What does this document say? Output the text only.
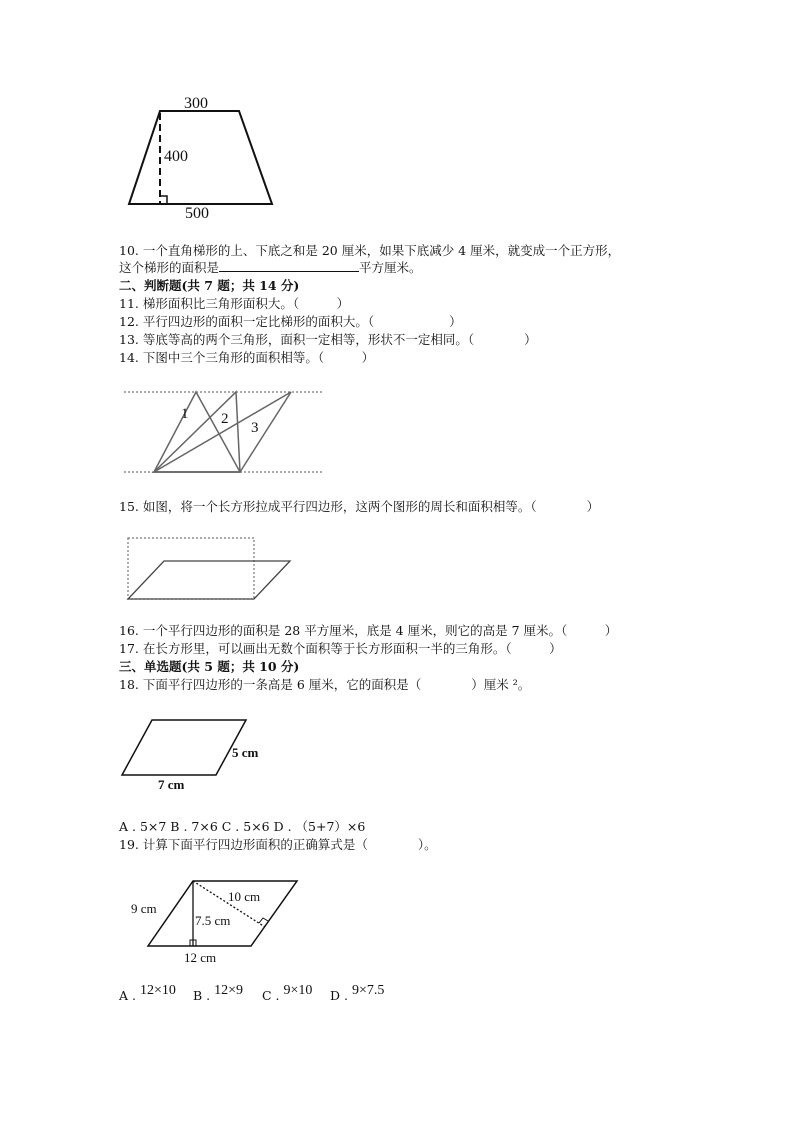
300
400
500
10. 一个直角梯形的上、下底之和是 20 厘米，如果下底减少 4 厘米，就变成一个正方形，
这个梯形的面积是	平方厘米。
二、判断题(共 7 题；共 14 分)
11. 梯形面积比三角形面积大。（　　　）
12. 平行四边形的面积一定比梯形的面积大。（　　　　　　）
13. 等底等高的两个三角形，面积一定相等，形状不一定相同。（　　　　）
14. 下图中三个三角形的面积相等。（　　　）
1 2
3
15. 如图，将一个长方形拉成平行四边形，这两个图形的周长和面积相等。（　　　　）
16. 一个平行四边形的面积是 28 平方厘米，底是 4 厘米，则它的高是 7 厘米。（　　　）
17. 在长方形里，可以画出无数个面积等于长方形面积一半的三角形。（　　　）
三、单选题(共 5 题；共 10 分)
18. 下面平行四边形的一条高是 6 厘米，它的面积是（　　　　）厘米 ²。
5 cm
7 cm
A . 5×7 B . 7×6 C . 5×6 D . （5+7）×6
19. 计算下面平行四边形面积的正确算式是（　　　　）。
9 cm
10 cm
7.5 cm
12 cm
A . 12×10 B . 12×9 C . 9×10 D . 9×7.5
